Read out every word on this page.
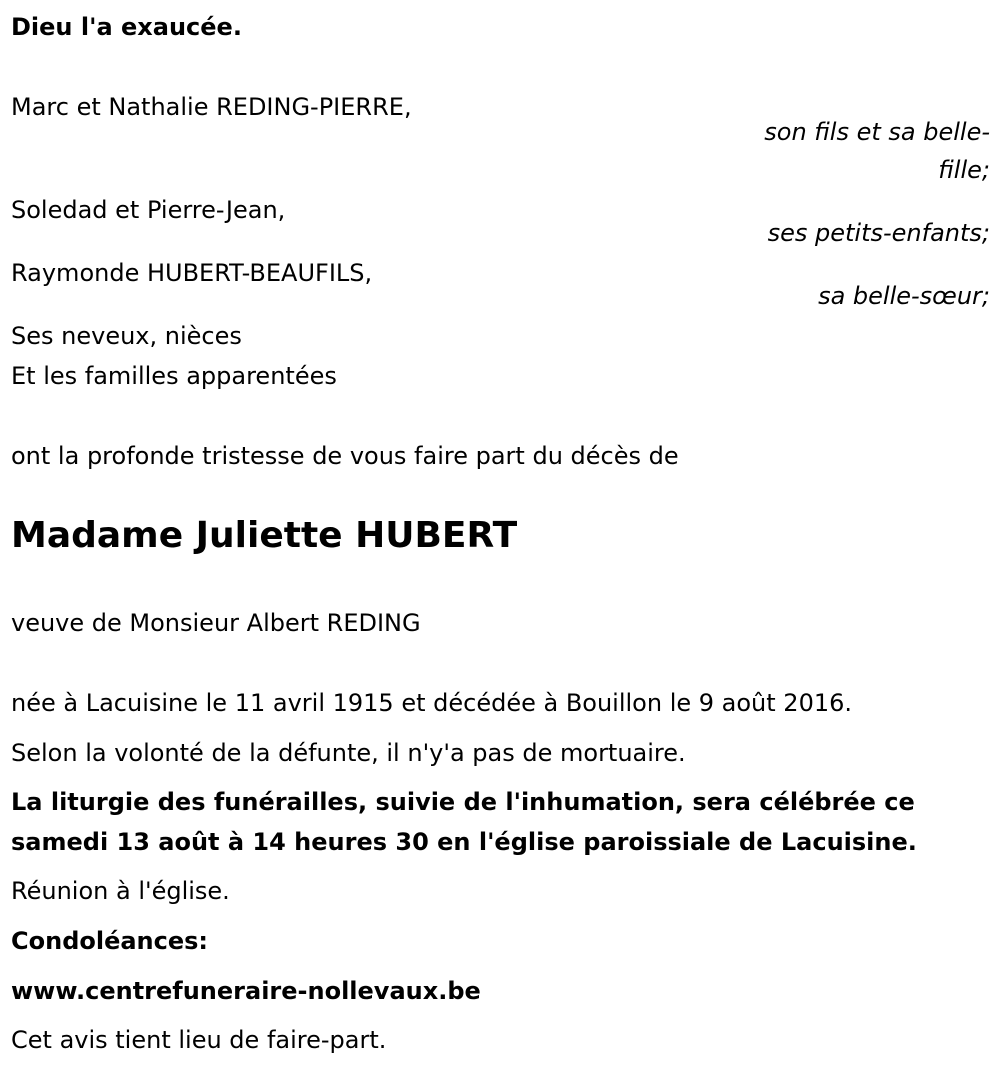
Dieu l'a exaucée.
Marc et Nathalie REDING-PIERRE,
son fils et sa belle-
fille;
Soledad et Pierre-Jean,
ses petits-enfants;
Raymonde HUBERT-BEAUFILS,
sa belle-sœur;
Ses neveux, nièces
Et les familles apparentées
ont la profonde tristesse de vous faire part du décès de
Madame Juliette HUBERT
veuve de Monsieur Albert REDING
née à Lacuisine le 11 avril 1915 et décédée à Bouillon le 9 août 2016.
Selon la volonté de la défunte, il n'y'a pas de mortuaire.
La liturgie des funérailles, suivie de l'inhumation, sera célébrée ce
samedi 13 août à 14 heures 30 en l'église paroissiale de Lacuisine.
Réunion à l'église.
Condoléances:
www.centrefuneraire-nollevaux.be
Cet avis tient lieu de faire-part.
